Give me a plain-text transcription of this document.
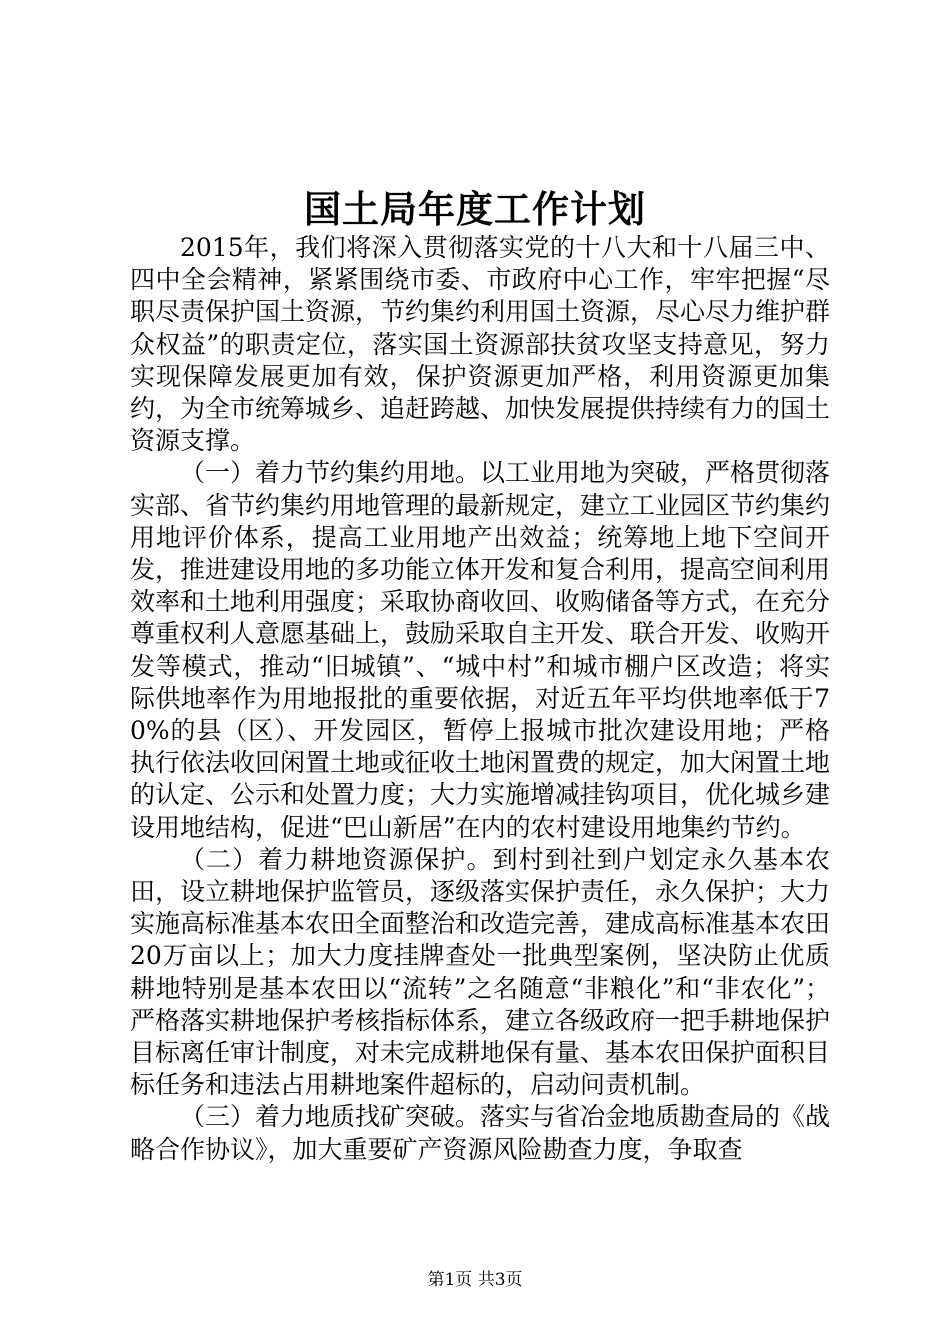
国土局年度工作计划

2015年，我们将深入贯彻落实党的十八大和十八届三中、四中全会精神，紧紧围绕市委、市政府中心工作，牢牢把握“尽职尽责保护国土资源，节约集约利用国土资源，尽心尽力维护群众权益”的职责定位，落实国土资源部扶贫攻坚支持意见，努力实现保障发展更加有效，保护资源更加严格，利用资源更加集约，为全市统筹城乡、追赶跨越、加快发展提供持续有力的国土资源支撑。

（一）着力节约集约用地。以工业用地为突破，严格贯彻落实部、省节约集约用地管理的最新规定，建立工业园区节约集约用地评价体系，提高工业用地产出效益；统筹地上地下空间开发，推进建设用地的多功能立体开发和复合利用，提高空间利用效率和土地利用强度；采取协商收回、收购储备等方式，在充分尊重权利人意愿基础上，鼓励采取自主开发、联合开发、收购开发等模式，推动“旧城镇”、“城中村”和城市棚户区改造；将实际供地率作为用地报批的重要依据，对近五年平均供地率低于70%的县（区）、开发园区，暂停上报城市批次建设用地；严格执行依法收回闲置土地或征收土地闲置费的规定，加大闲置土地的认定、公示和处置力度；大力实施增减挂钩项目，优化城乡建设用地结构，促进“巴山新居”在内的农村建设用地集约节约。

（二）着力耕地资源保护。到村到社到户划定永久基本农田，设立耕地保护监管员，逐级落实保护责任，永久保护；大力实施高标准基本农田全面整治和改造完善，建成高标准基本农田20万亩以上；加大力度挂牌查处一批典型案例，坚决防止优质耕地特别是基本农田以“流转”之名随意“非粮化”和“非农化”；严格落实耕地保护考核指标体系，建立各级政府一把手耕地保护目标离任审计制度，对未完成耕地保有量、基本农田保护面积目标任务和违法占用耕地案件超标的，启动问责机制。

（三）着力地质找矿突破。落实与省冶金地质勘查局的《战略合作协议》，加大重要矿产资源风险勘查力度，争取查

第1页 共3页
